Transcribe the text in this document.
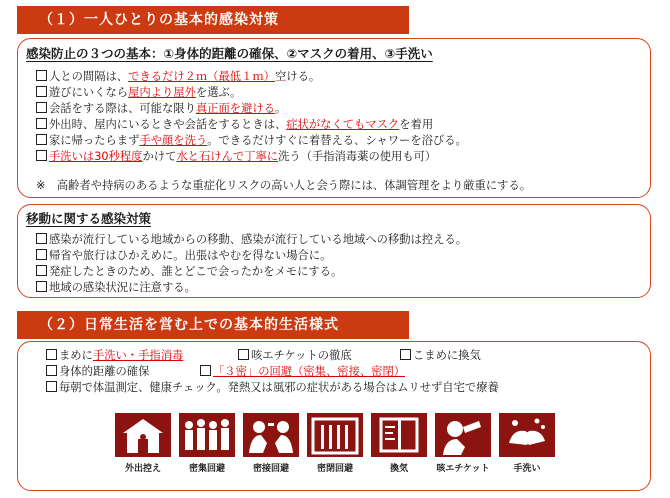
（１）一人ひとりの基本的感染対策
感染防止の３つの基本：①身体的距離の確保、②マスクの着用、③手洗い
人との間隔は、できるだけ２ｍ（最低１ｍ）空ける。
遊びにいくなら屋内より屋外を選ぶ。
会話をする際は、可能な限り真正面を避ける。
外出時、屋内にいるときや会話をするときは、症状がなくてもマスクを着用
家に帰ったらまず手や顔を洗う。できるだけすぐに着替える、シャワーを浴びる。
手洗いは30秒程度かけて水と石けんで丁寧に洗う（手指消毒薬の使用も可）
※　高齢者や持病のあるような重症化リスクの高い人と会う際には、体調管理をより厳重にする。
移動に関する感染対策
感染が流行している地域からの移動、感染が流行している地域への移動は控える。
帰省や旅行はひかえめに。出張はやむを得ない場合に。
発症したときのため、誰とどこで会ったかをメモにする。
地域の感染状況に注意する。
（２）日常生活を営む上での基本的生活様式
まめに手洗い・手指消毒	咳エチケットの徹底	こまめに換気
身体的距離の確保	「３密」の回避（密集、密接、密閉）
毎朝で体温測定、健康チェック。発熱又は風邪の症状がある場合はムリせず自宅で療養
外出控え	密集回避	密接回避	密閉回避	換気	咳エチケット	手洗い
